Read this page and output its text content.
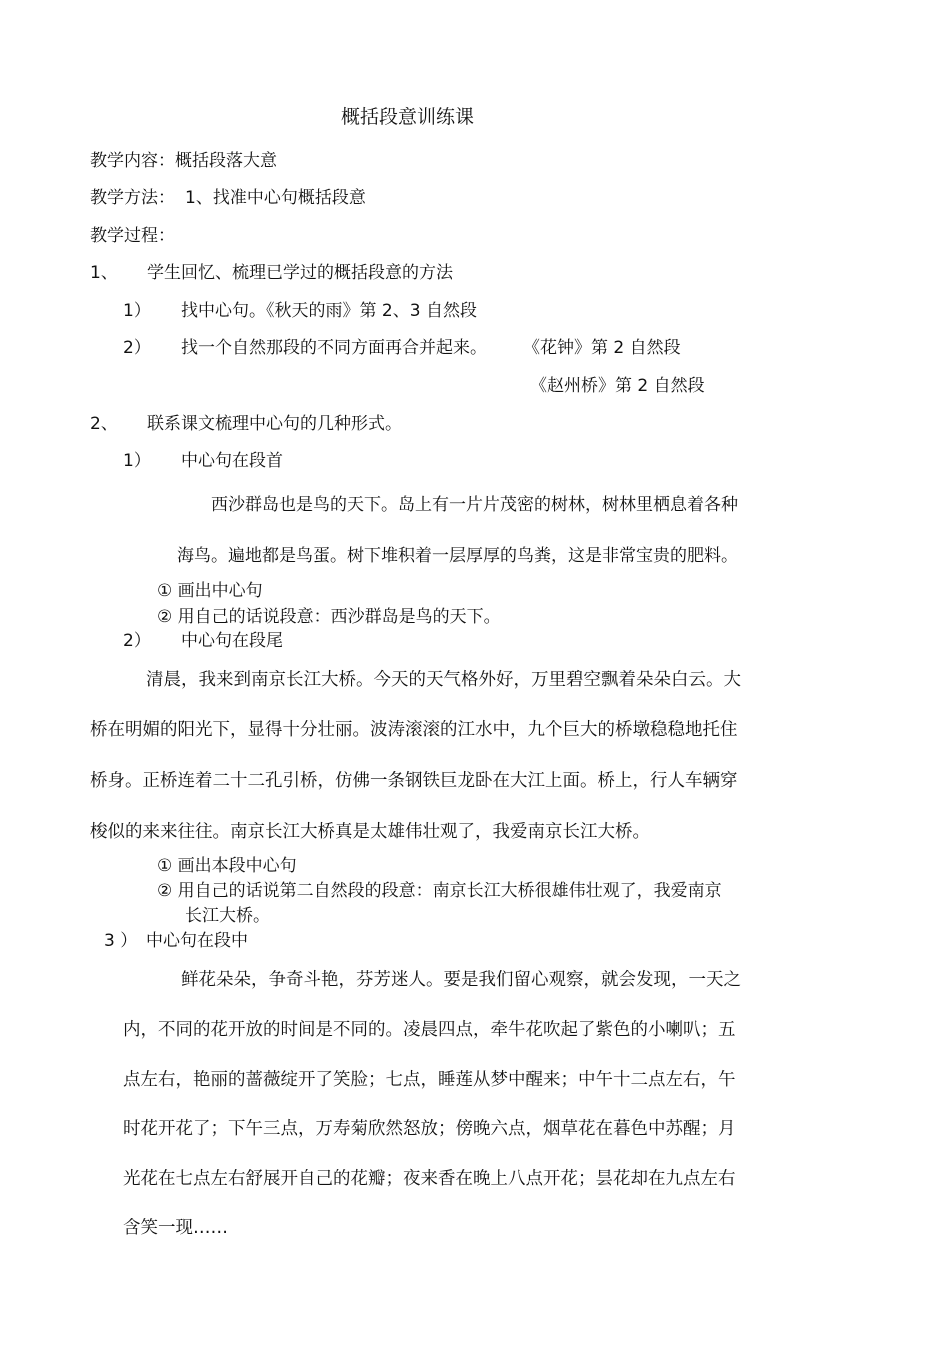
概括段意训练课
教学内容：概括段落大意
教学方法： 1、找准中心句概括段意
教学过程：
1、 学生回忆、梳理已学过的概括段意的方法
1） 找中心句。《秋天的雨》第 2、3 自然段
2） 找一个自然那段的不同方面再合并起来。 《花钟》第 2 自然段
《赵州桥》第 2 自然段
2、 联系课文梳理中心句的几种形式。
1） 中心句在段首
西沙群岛也是鸟的天下。岛上有一片片茂密的树林，树林里栖息着各种
海鸟。遍地都是鸟蛋。树下堆积着一层厚厚的鸟粪，这是非常宝贵的肥料。
① 画出中心句
② 用自己的话说段意：西沙群岛是鸟的天下。
2） 中心句在段尾
清晨，我来到南京长江大桥。今天的天气格外好，万里碧空飘着朵朵白云。大
桥在明媚的阳光下，显得十分壮丽。波涛滚滚的江水中，九个巨大的桥墩稳稳地托住
桥身。正桥连着二十二孔引桥，仿佛一条钢铁巨龙卧在大江上面。桥上，行人车辆穿
梭似的来来往往。南京长江大桥真是太雄伟壮观了，我爱南京长江大桥。
① 画出本段中心句
② 用自己的话说第二自然段的段意：南京长江大桥很雄伟壮观了，我爱南京
长江大桥。
3 ） 中心句在段中
鲜花朵朵，争奇斗艳，芬芳迷人。要是我们留心观察，就会发现，一天之
内，不同的花开放的时间是不同的。凌晨四点，牵牛花吹起了紫色的小喇叭；五
点左右，艳丽的蔷薇绽开了笑脸；七点，睡莲从梦中醒来；中午十二点左右，午
时花开花了；下午三点，万寿菊欣然怒放；傍晚六点，烟草花在暮色中苏醒；月
光花在七点左右舒展开自己的花瓣；夜来香在晚上八点开花；昙花却在九点左右
含笑一现……
